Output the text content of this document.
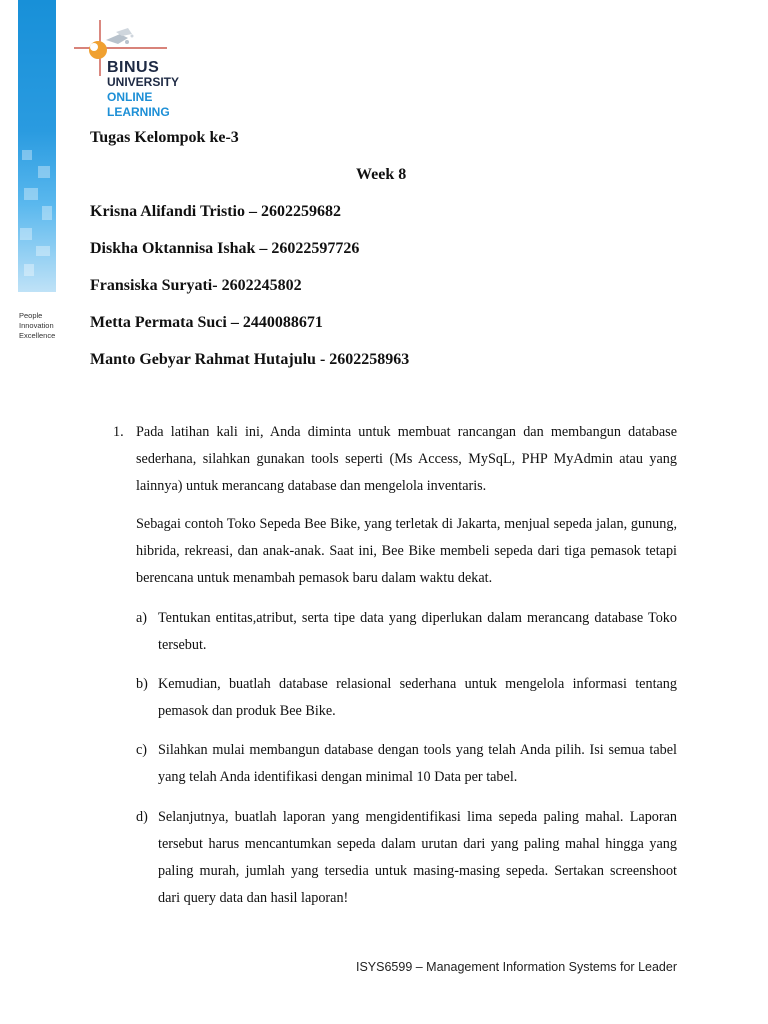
People
Innovation
Excellence
BINUS
UNIVERSITY
ONLINE
LEARNING
Tugas Kelompok ke-3
Week 8
Krisna Alifandi Tristio – 2602259682
Diskha Oktannisa Ishak – 26022597726
Fransiska Suryati- 2602245802
Metta Permata Suci – 2440088671
Manto Gebyar Rahmat Hutajulu - 2602258963
1. Pada latihan kali ini, Anda diminta untuk membuat rancangan dan membangun database sederhana, silahkan gunakan tools seperti (Ms Access, MySqL, PHP MyAdmin atau yang lainnya) untuk merancang database dan mengelola inventaris.
Sebagai contoh Toko Sepeda Bee Bike, yang terletak di Jakarta, menjual sepeda jalan, gunung, hibrida, rekreasi, dan anak-anak. Saat ini, Bee Bike membeli sepeda dari tiga pemasok tetapi berencana untuk menambah pemasok baru dalam waktu dekat.
a) Tentukan entitas,atribut, serta tipe data yang diperlukan dalam merancang database Toko tersebut.
b) Kemudian, buatlah database relasional sederhana untuk mengelola informasi tentang pemasok dan produk Bee Bike.
c) Silahkan mulai membangun database dengan tools yang telah Anda pilih. Isi semua tabel yang telah Anda identifikasi dengan minimal 10 Data per tabel.
d) Selanjutnya, buatlah laporan yang mengidentifikasi lima sepeda paling mahal. Laporan tersebut harus mencantumkan sepeda dalam urutan dari yang paling mahal hingga yang paling murah, jumlah yang tersedia untuk masing-masing sepeda. Sertakan screenshoot dari query data dan hasil laporan!
ISYS6599 – Management Information Systems for Leader
